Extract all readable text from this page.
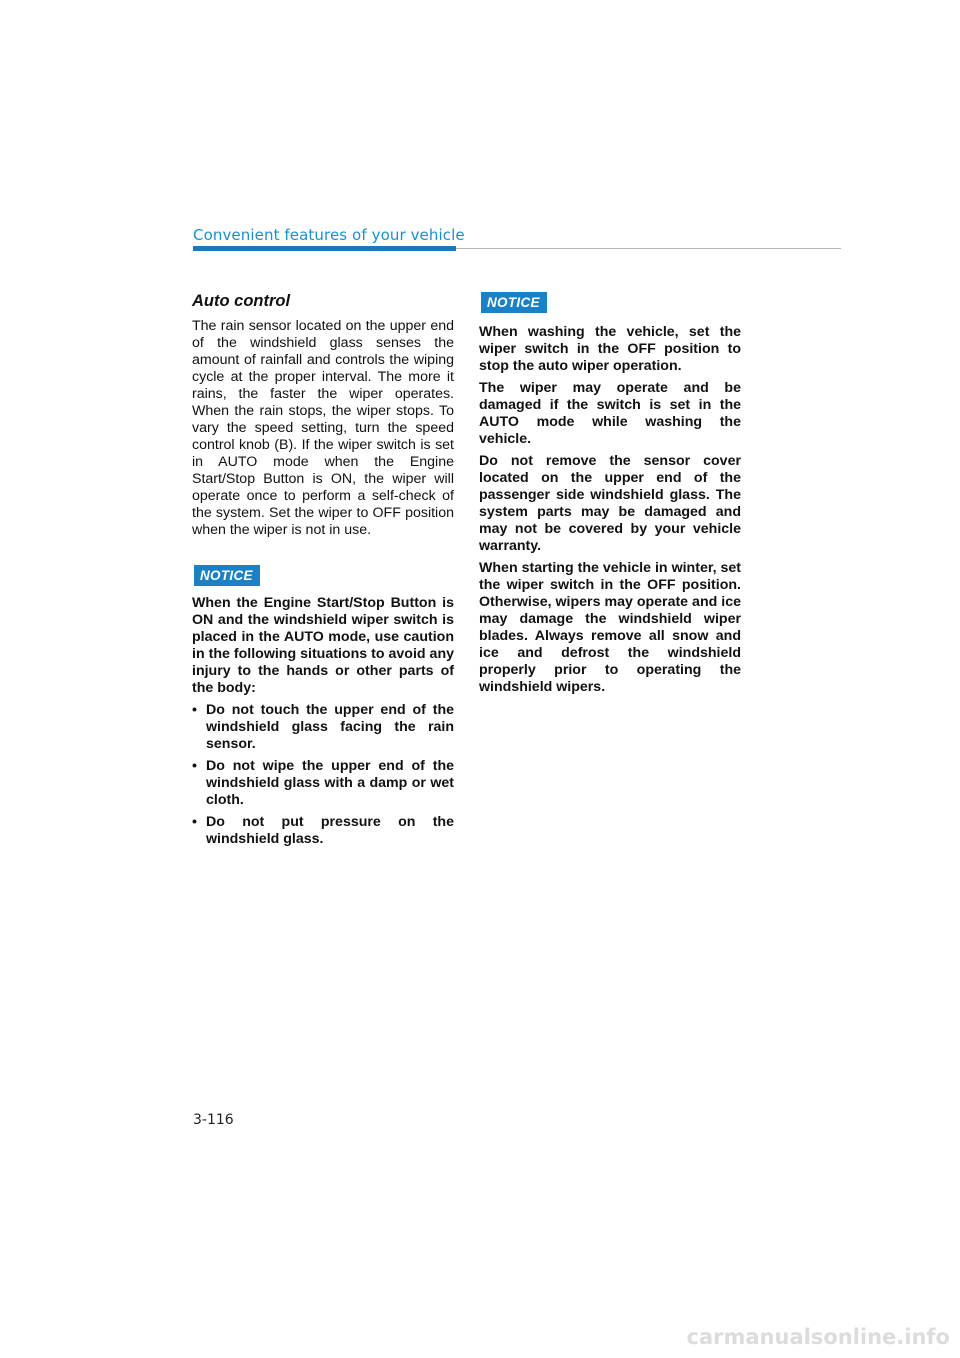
Convenient features of your vehicle
Auto control

The rain sensor located on the upper end of the windshield glass senses the amount of rainfall and controls the wiping cycle at the proper interval. The more it rains, the faster the wiper operates. When the rain stops, the wiper stops. To vary the speed setting, turn the speed control knob (B). If the wiper switch is set in AUTO mode when the Engine Start/Stop Button is ON, the wiper will operate once to perform a self-check of the system. Set the wiper to OFF position when the wiper is not in use.

NOTICE

When the Engine Start/Stop Button is ON and the windshield wiper switch is placed in the AUTO mode, use caution in the following situations to avoid any injury to the hands or other parts of the body:

• Do not touch the upper end of the windshield glass facing the rain sensor.
• Do not wipe the upper end of the windshield glass with a damp or wet cloth.
• Do not put pressure on the windshield glass.
NOTICE

When washing the vehicle, set the wiper switch in the OFF position to stop the auto wiper operation.

The wiper may operate and be damaged if the switch is set in the AUTO mode while washing the vehicle.

Do not remove the sensor cover located on the upper end of the passenger side windshield glass. The system parts may be damaged and may not be covered by your vehicle warranty.

When starting the vehicle in winter, set the wiper switch in the OFF position. Otherwise, wipers may operate and ice may damage the windshield wiper blades. Always remove all snow and ice and defrost the windshield properly prior to operating the windshield wipers.

3-116
carmanualsonline.info
